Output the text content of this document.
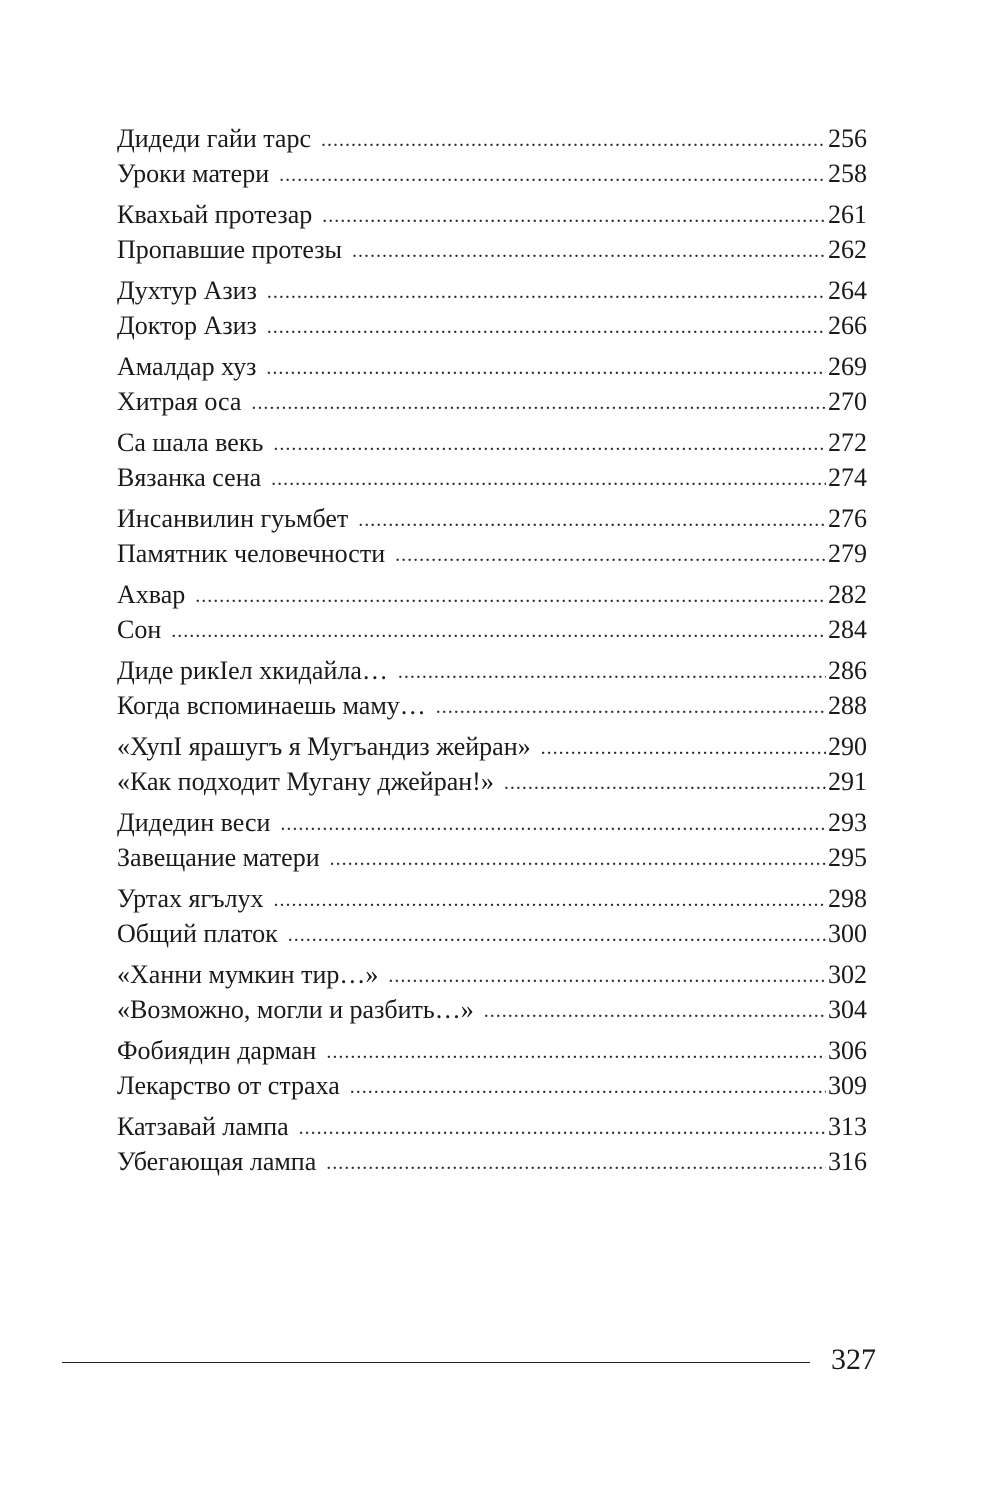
Дидеди гайи тарс .....	256
Уроки матери .....	258
Квахьай протезар .....	261
Пропавшие протезы .....	262
Духтур Азиз .....	264
Доктор Азиз .....	266
Амалдар хуз .....	269
Хитрая оса .....	270
Са шала векь .....	272
Вязанка сена .....	274
Инсанвилин гуьмбет .....	276
Памятник человечности .....	279
Ахвар .....	282
Сон .....	284
Диде рикIел хкидайла… .....	286
Когда вспоминаешь маму… .....	288
«ХупI ярашугъ я Мугъандиз жейран» .....	290
«Как подходит Мугану джейран!» .....	291
Дидедин веси .....	293
Завещание матери .....	295
Уртах ягълух .....	298
Общий платок .....	300
«Ханни мумкин тир…» .....	302
«Возможно, могли и разбить…» .....	304
Фобиядин дарман .....	306
Лекарство от страха .....	309
Катзавай лампа .....	313
Убегающая лампа .....	316
327
